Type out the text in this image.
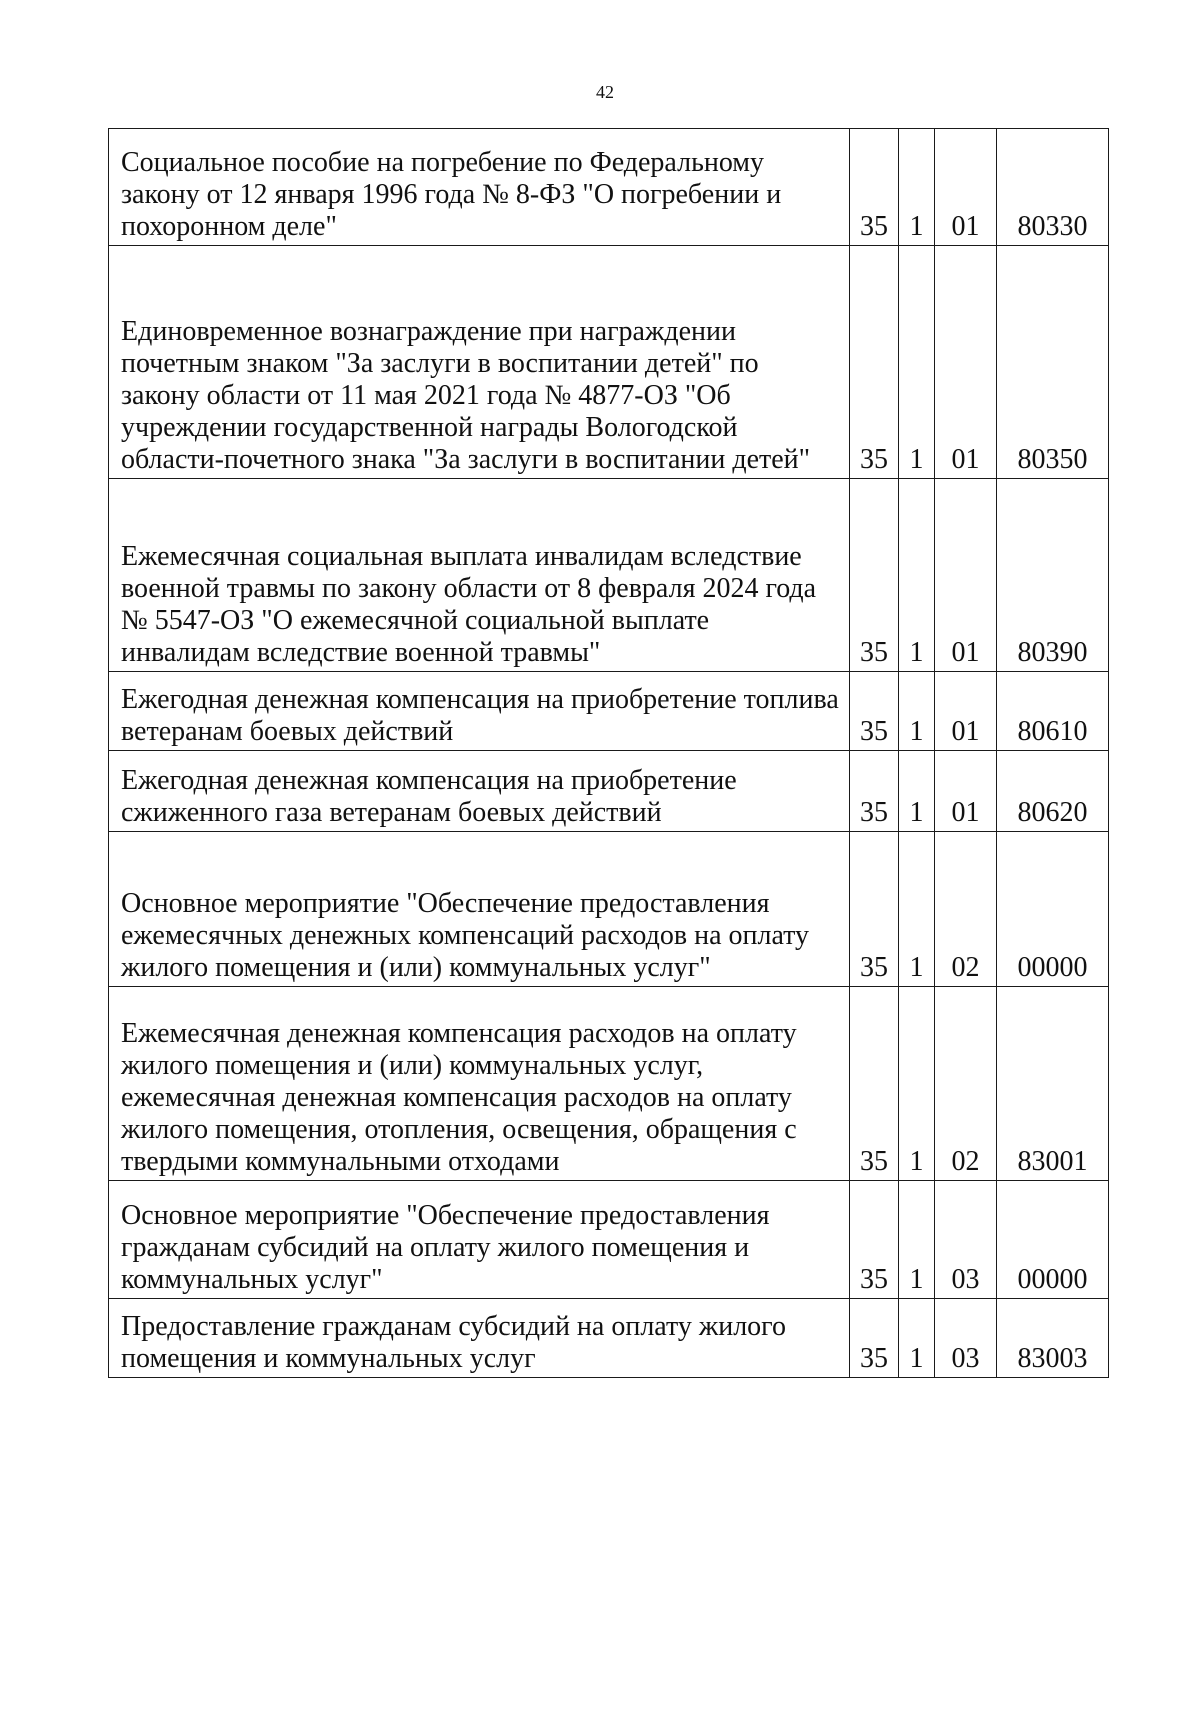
42
Социальное пособие на погребение по Федеральному закону от 12 января 1996 года № 8-ФЗ "О погребении и похоронном деле"	35	1	01	80330
Единовременное вознаграждение при награждении почетным знаком "За заслуги в воспитании детей" по закону области от 11 мая 2021 года № 4877-ОЗ "Об учреждении государственной награды Вологодской области-почетного знака "За заслуги в воспитании детей"	35	1	01	80350
Ежемесячная социальная выплата инвалидам вследствие военной травмы по закону области от 8 февраля 2024 года № 5547-ОЗ "О ежемесячной социальной выплате инвалидам вследствие военной травмы"	35	1	01	80390
Ежегодная денежная компенсация на приобретение топлива ветеранам боевых действий	35	1	01	80610
Ежегодная денежная компенсация на приобретение сжиженного газа ветеранам боевых действий	35	1	01	80620
Основное мероприятие "Обеспечение предоставления ежемесячных денежных компенсаций расходов на оплату жилого помещения и (или) коммунальных услуг"	35	1	02	00000
Ежемесячная денежная компенсация расходов на оплату жилого помещения и (или) коммунальных услуг, ежемесячная денежная компенсация расходов на оплату жилого помещения, отопления, освещения, обращения с твердыми коммунальными отходами	35	1	02	83001
Основное мероприятие "Обеспечение предоставления гражданам субсидий на оплату жилого помещения и коммунальных услуг"	35	1	03	00000
Предоставление гражданам субсидий на оплату жилого помещения и коммунальных услуг	35	1	03	83003
